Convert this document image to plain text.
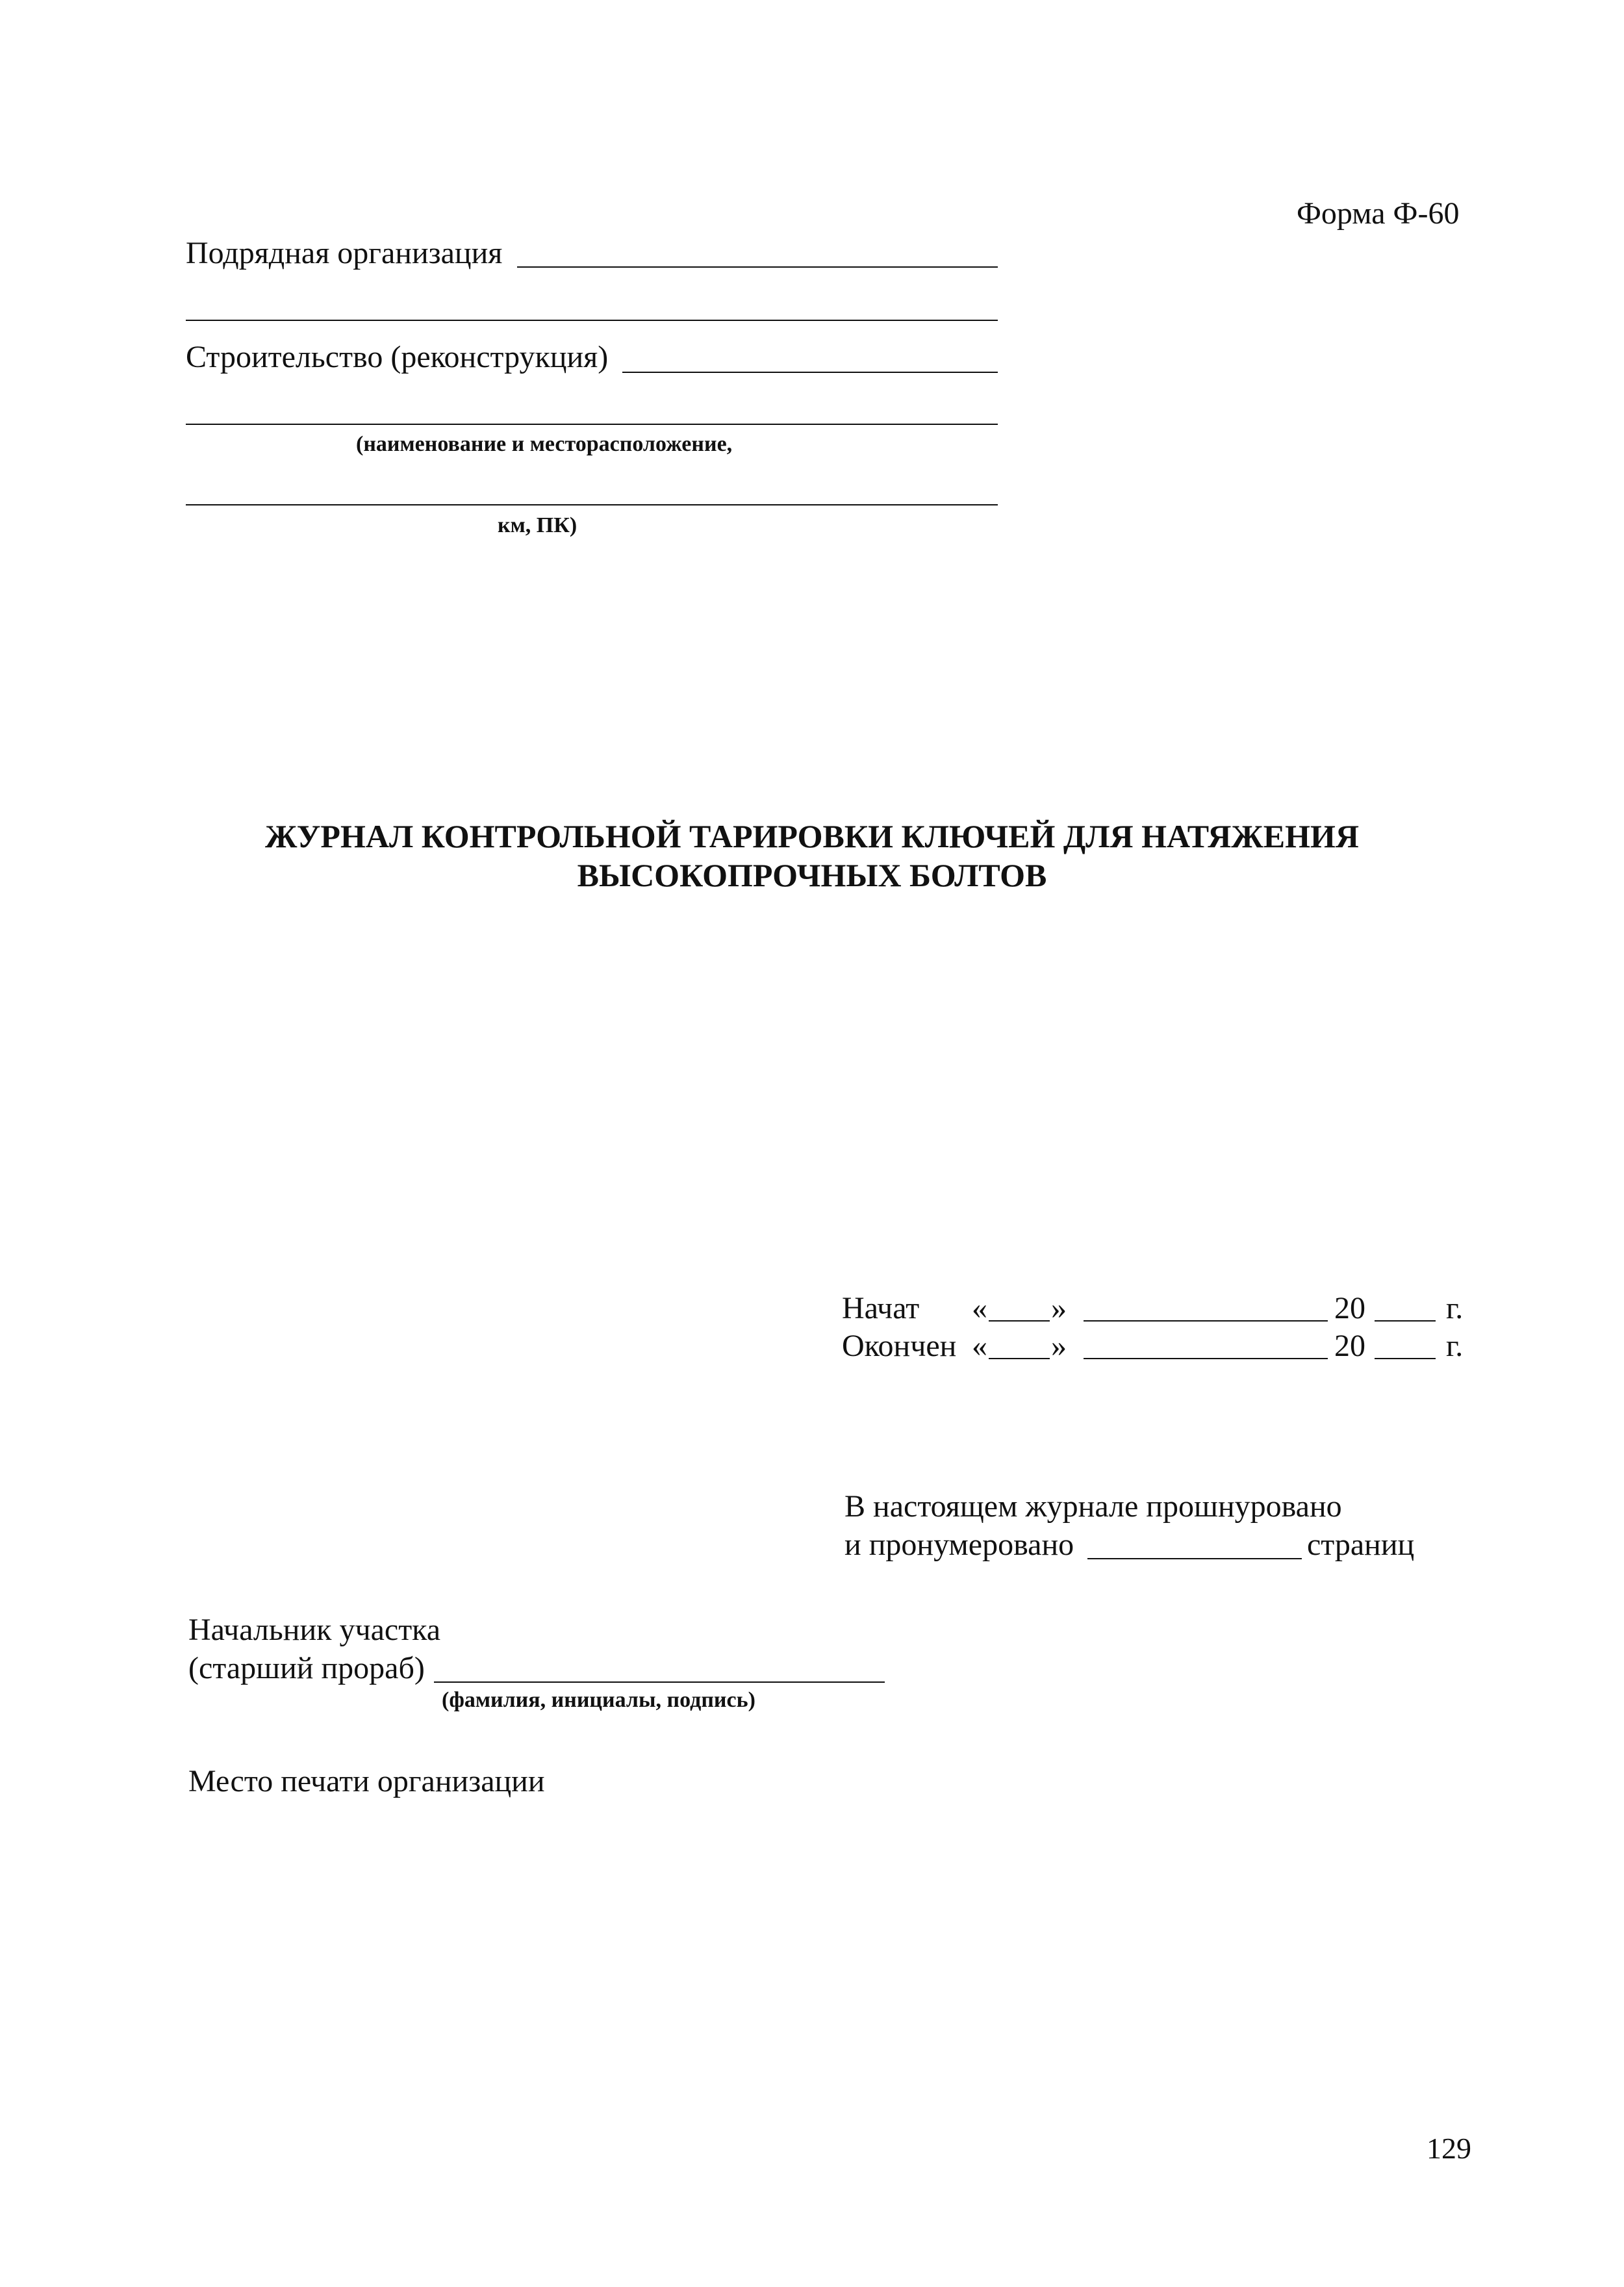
Форма Ф-60
Подрядная организация
Строительство (реконструкция)
(наименование и месторасположение,
км, ПК)
ЖУРНАЛ КОНТРОЛЬНОЙ ТАРИРОВКИ КЛЮЧЕЙ ДЛЯ НАТЯЖЕНИЯ
ВЫСОКОПРОЧНЫХ БОЛТОВ
Начат « »	20	г.
Окончен « »	20	г.
В настоящем журнале прошнуровано
и пронумеровано	страниц
Начальник участка
(старший прораб)
(фамилия, инициалы, подпись)
Место печати организации
129
